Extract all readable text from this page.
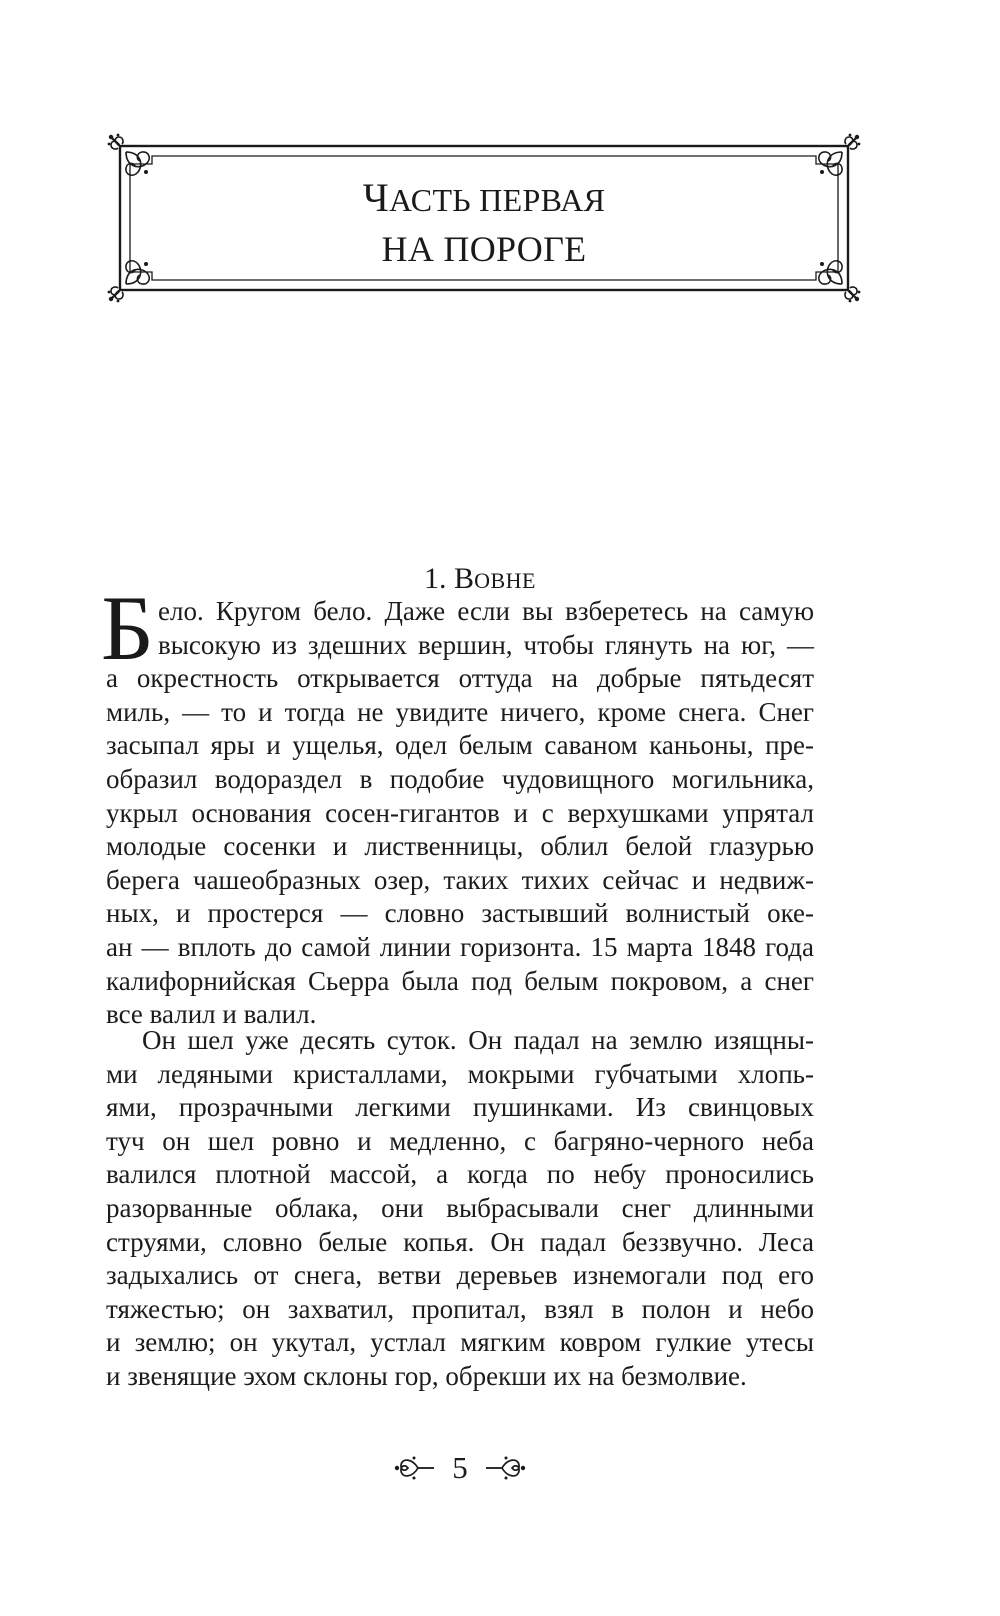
ЧАСТЬ ПЕРВАЯ
НА ПОРОГЕ
1. ВОВНЕ
Б ело. Кругом бело. Даже если вы взберетесь на самую
высокую из здешних вершин, чтобы глянуть на юг, —
а окрестность открывается оттуда на добрые пятьдесят
миль, — то и тогда не увидите ничего, кроме снега. Снег
засыпал яры и ущелья, одел белым саваном каньоны, пре-
образил водораздел в подобие чудовищного могильника,
укрыл основания сосен-гигантов и с верхушками упрятал
молодые сосенки и лиственницы, облил белой глазурью
берега чашеобразных озер, таких тихих сейчас и недвиж-
ных, и простерся — словно застывший волнистый оке-
ан — вплоть до самой линии горизонта. 15 марта 1848 года
калифорнийская Сьерра была под белым покровом, а снег
все валил и валил.
Он шел уже десять суток. Он падал на землю изящны-
ми ледяными кристаллами, мокрыми губчатыми хлопь-
ями, прозрачными легкими пушинками. Из свинцовых
туч он шел ровно и медленно, с багряно-черного неба
валился плотной массой, а когда по небу проносились
разорванные облака, они выбрасывали снег длинными
струями, словно белые копья. Он падал беззвучно. Леса
задыхались от снега, ветви деревьев изнемогали под его
тяжестью; он захватил, пропитал, взял в полон и небо
и землю; он укутал, устлал мягким ковром гулкие утесы
и звенящие эхом склоны гор, обрекши их на безмолвие.
5
